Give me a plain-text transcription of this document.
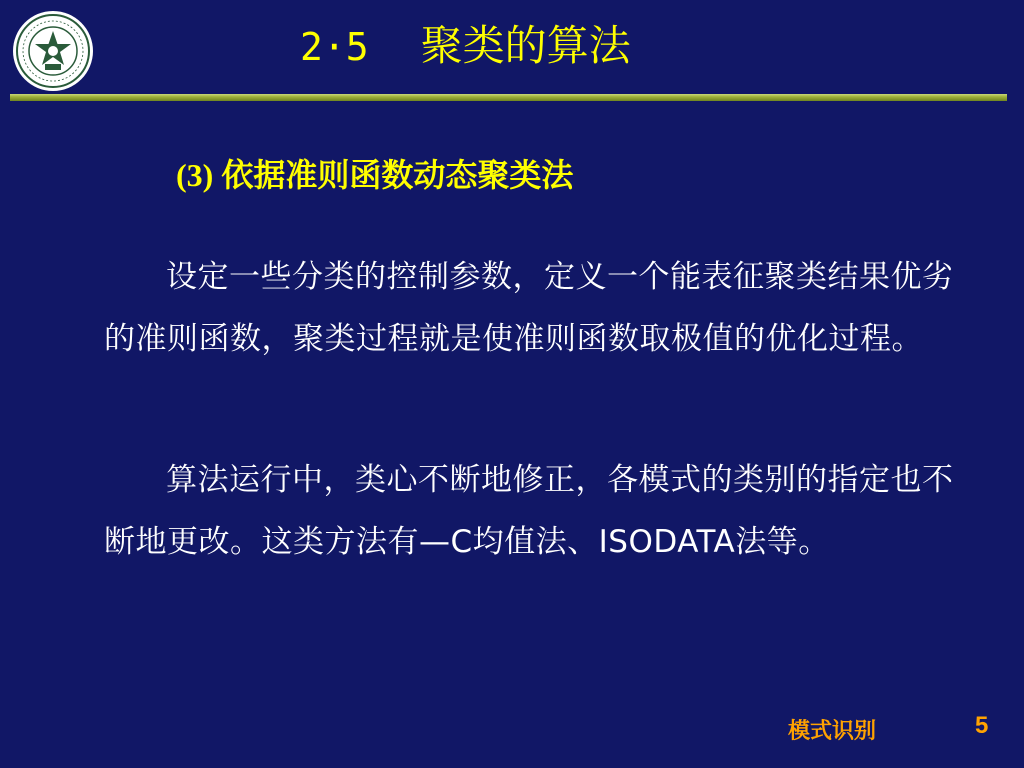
2·5 聚类的算法
(3) 依据准则函数动态聚类法
设定一些分类的控制参数，定义一个能表征聚类结果优劣的准则函数，聚类过程就是使准则函数取极值的优化过程。
算法运行中，类心不断地修正，各模式的类别的指定也不断地更改。这类方法有—C均值法、ISODATA法等。
模式识别	5
